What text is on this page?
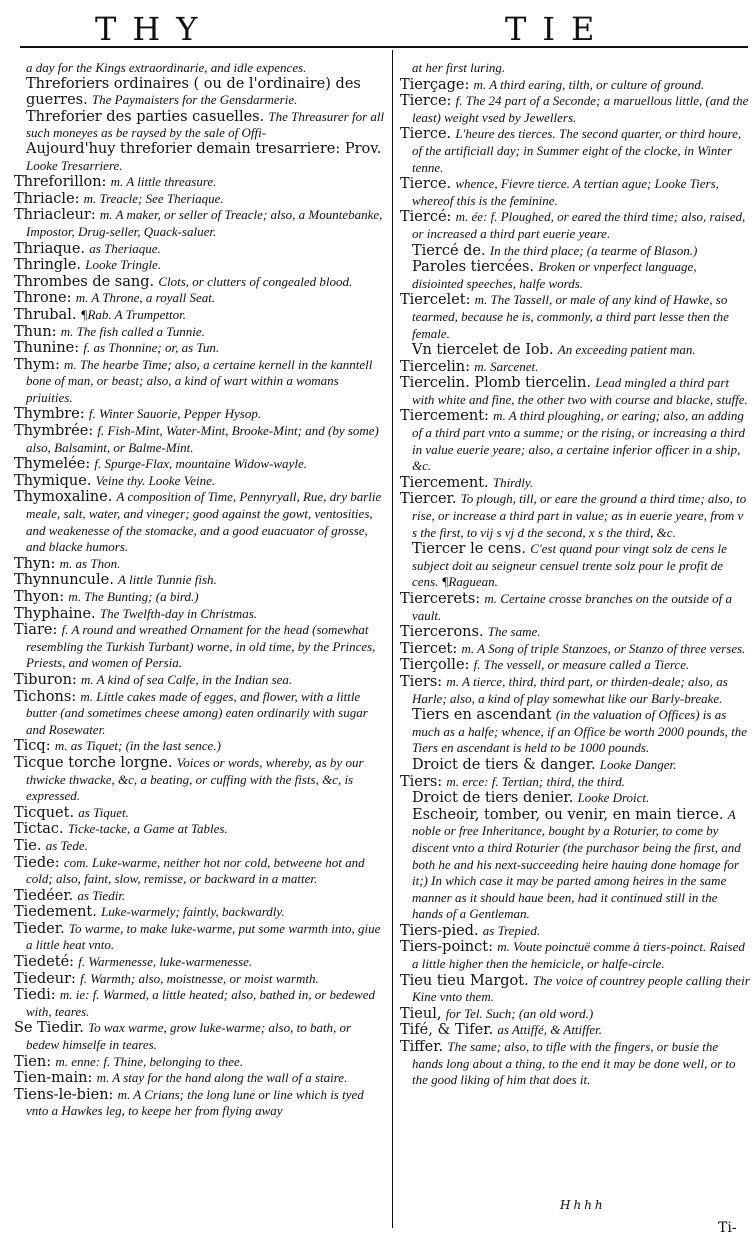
THY	TIE

a day for the Kings extraordinarie, and idle expences.

Threforiers ordinaires ( ou de l'ordinaire) des guerres. The Paymaisters for the Gensdarmerie.

Threforier des parties casuelles. The Threasurer for all such moneyes as be raysed by the sale of Offi-

Aujourd'huy threforier demain tresarriere: Prov. Looke Tresarriere.

Threforillon: m. A little threasure.

Thriacle: m. Treacle; See Theriaque.

Thriacleur: m. A maker, or seller of Treacle; also, a Mountebanke, Impostor, Drug-seller, Quack-saluer.

Thriaque. as Theriaque.

Thringle. Looke Tringle.

Thrombes de sang. Clots, or clutters of congealed blood.

Throne: m. A Throne, a royall Seat.

Thrubal. ¶Rab. A Trumpettor.

Thun: m. The fish called a Tunnie.

Thunine: f. as Thonnine; or, as Tun.

Thym: m. The hearbe Time; also, a certaine kernell in the kanntell bone of man, or beast; also, a kind of wart within a womans priuities.

Thymbre: f. Winter Sauorie, Pepper Hysop.

Thymbrée: f. Fish-Mint, Water-Mint, Brooke-Mint; and (by some) also, Balsamint, or Balme-Mint.

Thymelée: f. Spurge-Flax, mountaine Widow-wayle.

Thymique. Veine thy. Looke Veine.

Thymoxaline. A composition of Time, Pennyryall, Rue, dry barlie meale, salt, water, and vineger; good against the gowt, ventosities, and weakenesse of the stomacke, and a good euacuator of grosse, and blacke humors.

Thyn: m. as Thon.

Thynnuncule. A little Tunnie fish.

Thyon: m. The Bunting; (a bird.)

Thyphaine. The Twelfth-day in Christmas.

Tiare: f. A round and wreathed Ornament for the head (somewhat resembling the Turkish Turbant) worne, in old time, by the Princes, Priests, and women of Persia.

Tiburon: m. A kind of sea Calfe, in the Indian sea.

Tichons: m. Little cakes made of egges, and flower, with a little butter (and sometimes cheese among) eaten ordinarily with sugar and Rosewater.

Ticq: m. as Tiquet; (in the last sence.)

Ticque torche lorgne. Voices or words, whereby, as by our thwicke thwacke, &c, a beating, or cuffing with the fists, &c, is expressed.

Ticquet. as Tiquet.

Tictac. Ticke-tacke, a Game at Tables.

Tie. as Tede.

Tiede: com. Luke-warme, neither hot nor cold, betweene hot and cold; also, faint, slow, remisse, or backward in a matter.

Tiedéer. as Tiedir.

Tiedement. Luke-warmely; faintly, backwardly.

Tieder. To warme, to make luke-warme, put some warmth into, giue a little heat vnto.

Tiedeté: f. Warmenesse, luke-warmenesse.

Tiedeur: f. Warmth; also, moistnesse, or moist warmth.

Tiedi: m. ie: f. Warmed, a little heated; also, bathed in, or bedewed with, teares.

Se Tiedir. To wax warme, grow luke-warme; also, to bath, or bedew himselfe in teares.

Tien: m. enne: f. Thine, belonging to thee.

Tien-main: m. A stay for the hand along the wall of a staire.

Tiens-le-bien: m. A Crians; the long lune or line which is tyed vnto a Hawkes leg, to keepe her from flying away

at her first luring.

Tierçage: m. A third earing, tilth, or culture of ground.

Tierce: f. The 24 part of a Seconde; a maruellous little, (and the least) weight vsed by Jewellers.

Tierce. L'heure des tierces. The second quarter, or third houre, of the artificiall day; in Summer eight of the clocke, in Winter tenne.

Tierce. whence, Fievre tierce. A tertian ague; Looke Tiers, whereof this is the feminine.

Tiercé: m. ée: f. Ploughed, or eared the third time; also, raised, or increased a third part euerie yeare.

Tiercé de. In the third place; (a tearme of Blason.)

Paroles tiercées. Broken or vnperfect language, disiointed speeches, halfe words.

Tiercelet: m. The Tassell, or male of any kind of Hawke, so tearmed, because he is, commonly, a third part lesse then the female.

Vn tiercelet de Iob. An exceeding patient man.

Tiercelin: m. Sarcenet.

Tiercelin. Plomb tiercelin. Lead mingled a third part with white and fine, the other two with course and blacke, stuffe.

Tiercement: m. A third ploughing, or earing; also, an adding of a third part vnto a summe; or the rising, or increasing a third in value euerie yeare; also, a certaine inferior officer in a ship, &c.

Tiercement. Thirdly.

Tiercer. To plough, till, or eare the ground a third time; also, to rise, or increase a third part in value; as in euerie yeare, from v s the first, to vij s vj d the second, x s the third, &c.

Tiercer le cens. C'est quand pour vingt solz de cens le subject doit au seigneur censuel trente solz pour le profit de cens. ¶Raguean.

Tiercerets: m. Certaine crosse branches on the outside of a vault.

Tiercerons. The same.

Tiercet: m. A Song of triple Stanzoes, or Stanzo of three verses.

Tierçolle: f. The vessell, or measure called a Tierce.

Tiers: m. A tierce, third, third part, or thirden-deale; also, as Harle; also, a kind of play somewhat like our Barly-breake.

Tiers en ascendant (in the valuation of Offices) is as much as a halfe; whence, if an Office be worth 2000 pounds, the Tiers en ascendant is held to be 1000 pounds.

Droict de tiers & danger. Looke Danger.

Tiers: m. erce: f. Tertian; third, the third.

Droict de tiers denier. Looke Droict.

Escheoir, tomber, ou venir, en main tierce. A noble or free Inheritance, bought by a Roturier, to come by discent vnto a third Roturier (the purchasor being the first, and both he and his next-succeeding heire hauing done homage for it;) In which case it may be parted among heires in the same manner as it should haue been, had it continued still in the hands of a Gentleman.

Tiers-pied. as Trepied.

Tiers-poinct: m. Voute poinctuë comme à tiers-poinct. Raised a little higher then the hemicicle, or halfe-circle.

Tieu tieu Margot. The voice of countrey people calling their Kine vnto them.

Tieul, for Tel. Such; (an old word.)

Tifé, & Tifer. as Attiffé, & Attiffer.

Tiffer. The same; also, to tifle with the fingers, or busie the hands long about a thing, to the end it may be done well, or to the good liking of him that does it.

Hhhh
Ti-
